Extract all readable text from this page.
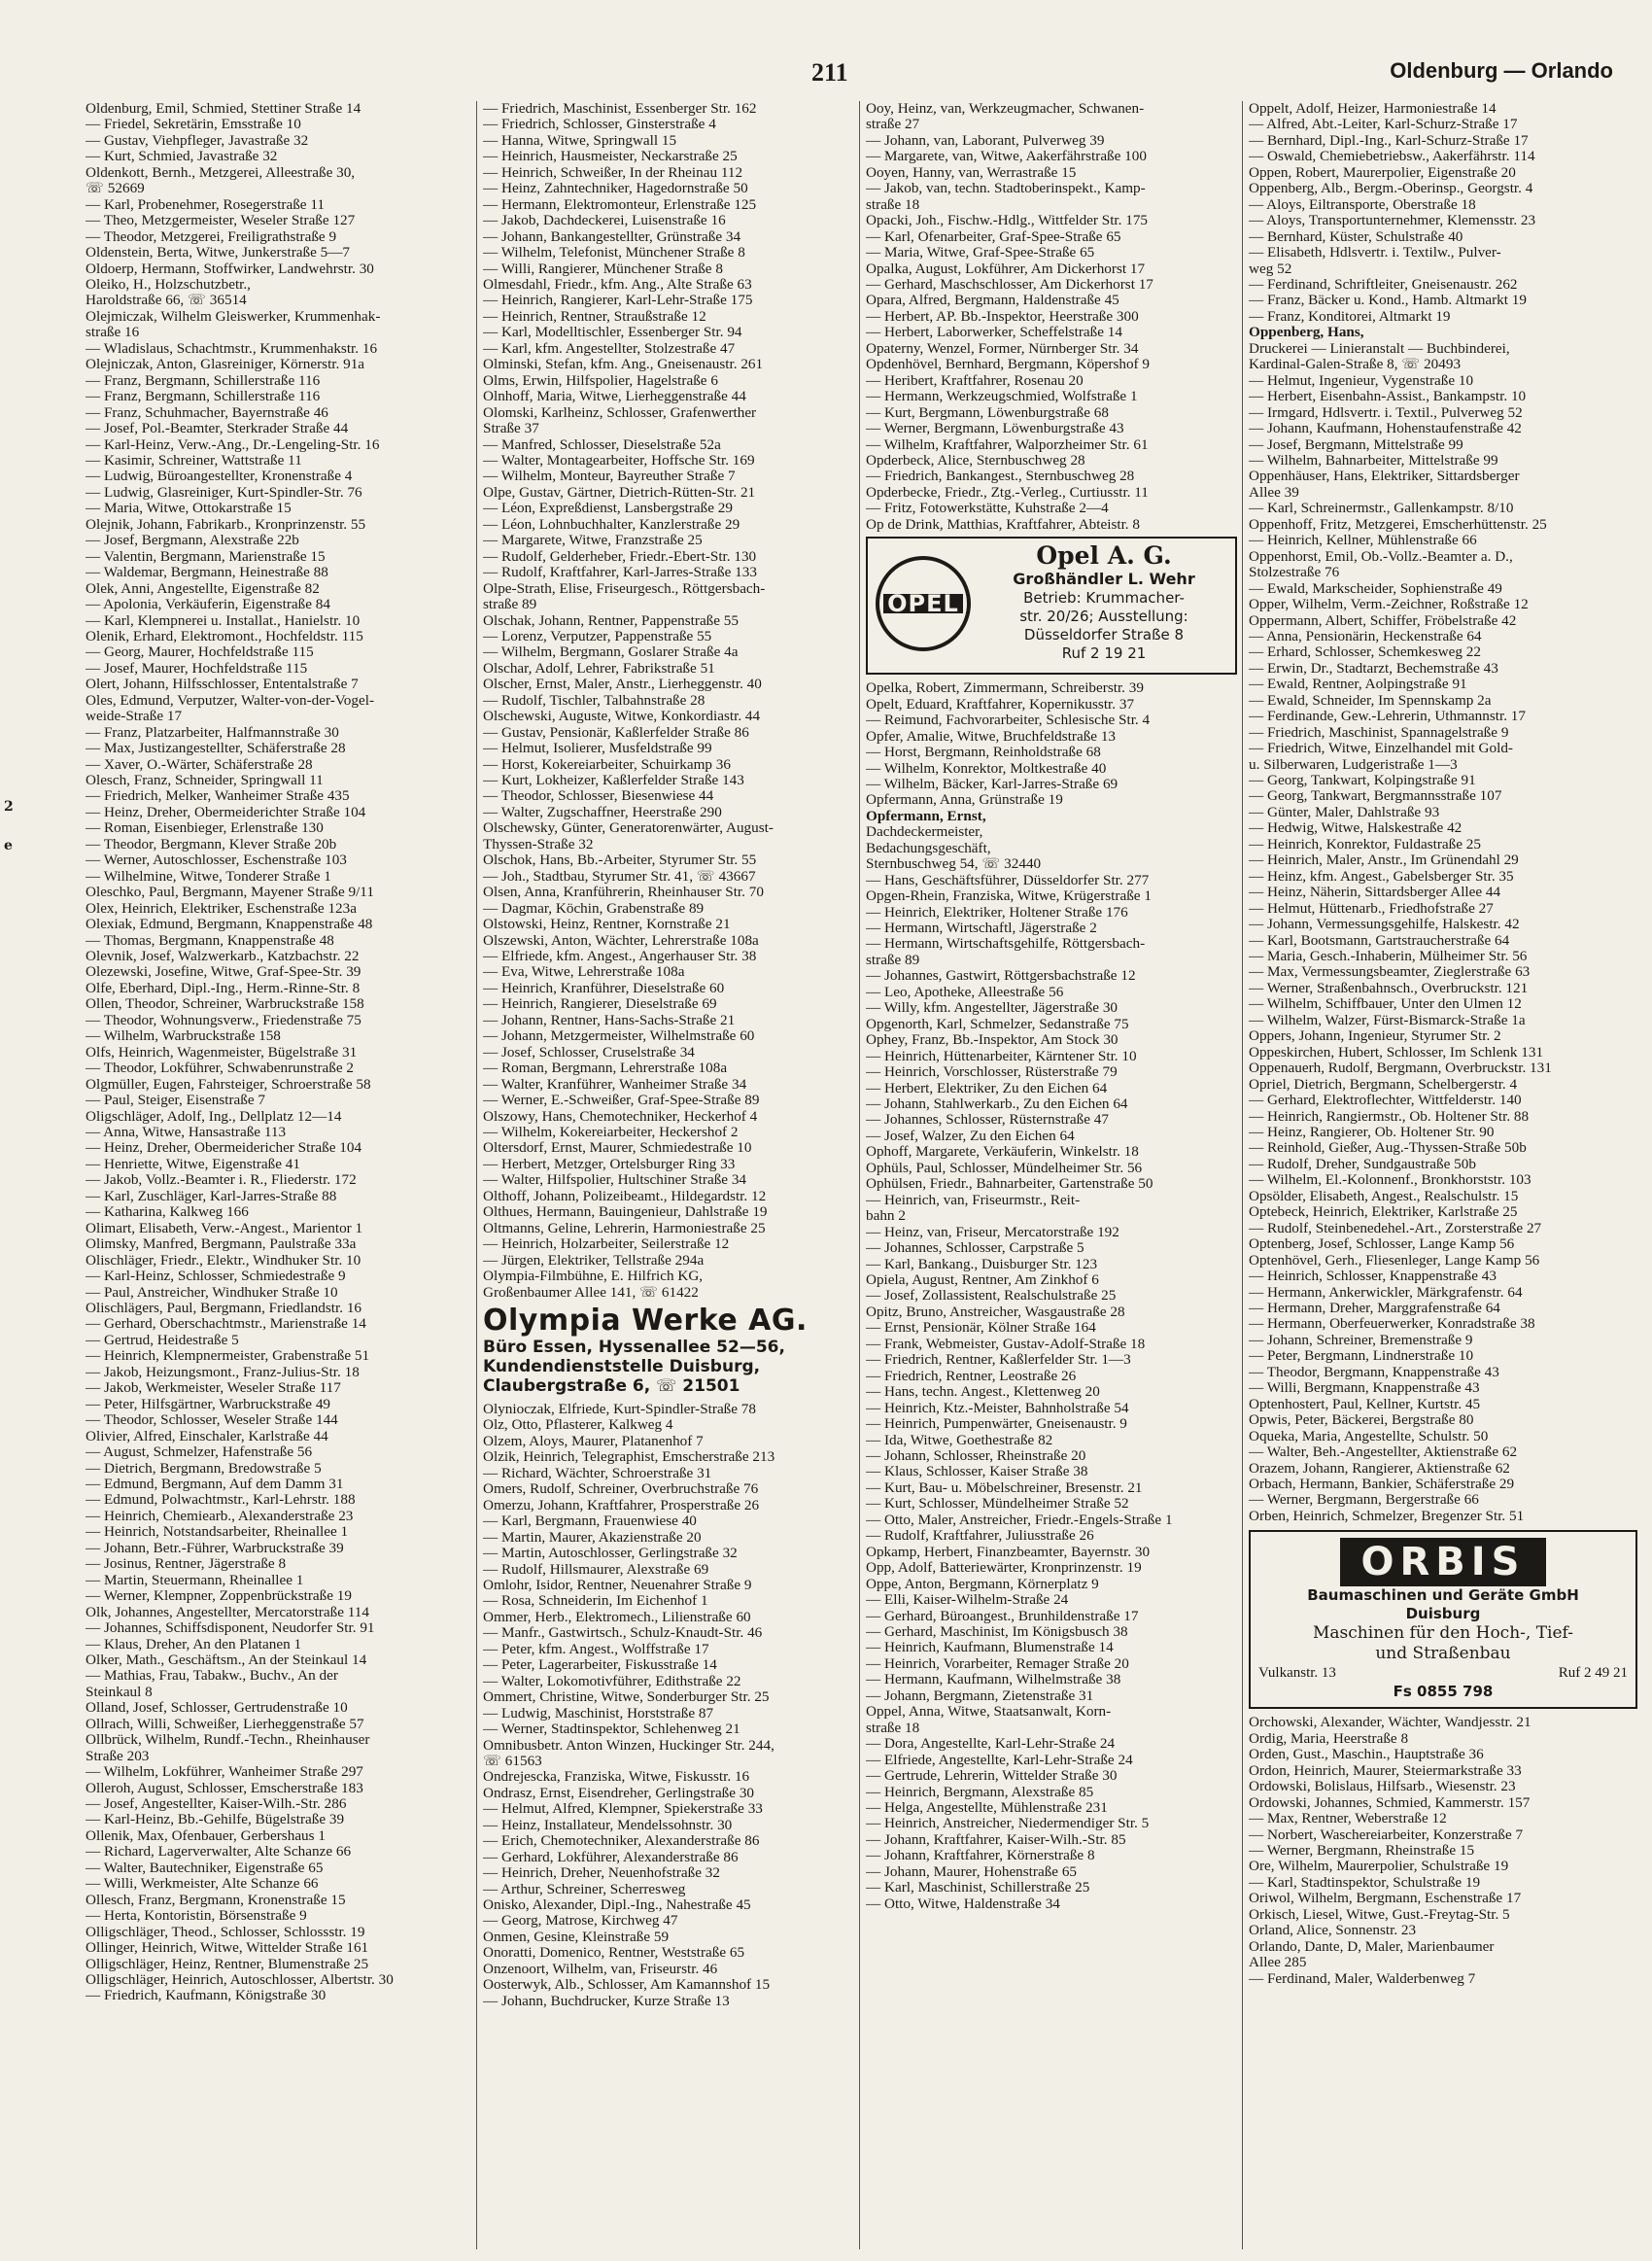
211	Oldenburg — Orlando
2
e
Oldenburg, Emil, Schmied, Stettiner Straße 14
— Friedel, Sekretärin, Emsstraße 10
— Gustav, Viehpfleger, Javastraße 32
— Kurt, Schmied, Javastraße 32
Oldenkott, Bernh., Metzgerei, Alleestraße 30,
☏ 52669
— Karl, Probenehmer, Rosegerstraße 11
— Theo, Metzgermeister, Weseler Straße 127
— Theodor, Metzgerei, Freiligrathstraße 9
Oldenstein, Berta, Witwe, Junkerstraße 5—7
Oldoerp, Hermann, Stoffwirker, Landwehrstr. 30
Oleiko, H., Holzschutzbetr.,
Haroldstraße 66, ☏ 36514
Olejmiczak, Wilhelm Gleiswerker, Krummenhak-
straße 16
— Wladislaus, Schachtmstr., Krummenhakstr. 16
Olejniczak, Anton, Glasreiniger, Körnerstr. 91a
— Franz, Bergmann, Schillerstraße 116
— Franz, Bergmann, Schillerstraße 116
— Franz, Schuhmacher, Bayernstraße 46
— Josef, Pol.-Beamter, Sterkrader Straße 44
— Karl-Heinz, Verw.-Ang., Dr.-Lengeling-Str. 16
— Kasimir, Schreiner, Wattstraße 11
— Ludwig, Büroangestellter, Kronenstraße 4
— Ludwig, Glasreiniger, Kurt-Spindler-Str. 76
— Maria, Witwe, Ottokarstraße 15
Olejnik, Johann, Fabrikarb., Kronprinzenstr. 55
— Josef, Bergmann, Alexstraße 22b
— Valentin, Bergmann, Marienstraße 15
— Waldemar, Bergmann, Heinestraße 88
Olek, Anni, Angestellte, Eigenstraße 82
— Apolonia, Verkäuferin, Eigenstraße 84
— Karl, Klempnerei u. Installat., Hanielstr. 10
Olenik, Erhard, Elektromont., Hochfeldstr. 115
— Georg, Maurer, Hochfeldstraße 115
— Josef, Maurer, Hochfeldstraße 115
Olert, Johann, Hilfsschlosser, Ententalstraße 7
Oles, Edmund, Verputzer, Walter-von-der-Vogel-
weide-Straße 17
— Franz, Platzarbeiter, Halfmannstraße 30
— Max, Justizangestellter, Schäferstraße 28
— Xaver, O.-Wärter, Schäferstraße 28
Olesch, Franz, Schneider, Springwall 11
— Friedrich, Melker, Wanheimer Straße 435
— Heinz, Dreher, Obermeiderichter Straße 104
— Roman, Eisenbieger, Erlenstraße 130
— Theodor, Bergmann, Klever Straße 20b
— Werner, Autoschlosser, Eschenstraße 103
— Wilhelmine, Witwe, Tonderer Straße 1
Oleschko, Paul, Bergmann, Mayener Straße 9/11
Olex, Heinrich, Elektriker, Eschenstraße 123a
Olexiak, Edmund, Bergmann, Knappenstraße 48
— Thomas, Bergmann, Knappenstraße 48
Olevnik, Josef, Walzwerkarb., Katzbachstr. 22
Olezewski, Josefine, Witwe, Graf-Spee-Str. 39
Olfe, Eberhard, Dipl.-Ing., Herm.-Rinne-Str. 8
Ollen, Theodor, Schreiner, Warbruckstraße 158
— Theodor, Wohnungsverw., Friedenstraße 75
— Wilhelm, Warbruckstraße 158
Olfs, Heinrich, Wagenmeister, Bügelstraße 31
— Theodor, Lokführer, Schwabenrunstraße 2
Olgmüller, Eugen, Fahrsteiger, Schroerstraße 58
— Paul, Steiger, Eisenstraße 7
Oligschläger, Adolf, Ing., Dellplatz 12—14
— Anna, Witwe, Hansastraße 113
— Heinz, Dreher, Obermeidericher Straße 104
— Henriette, Witwe, Eigenstraße 41
— Jakob, Vollz.-Beamter i. R., Fliederstr. 172
— Karl, Zuschläger, Karl-Jarres-Straße 88
— Katharina, Kalkweg 166
Olimart, Elisabeth, Verw.-Angest., Marientor 1
Olimsky, Manfred, Bergmann, Paulstraße 33a
Olischläger, Friedr., Elektr., Windhuker Str. 10
— Karl-Heinz, Schlosser, Schmiedestraße 9
— Paul, Anstreicher, Windhuker Straße 10
Olischlägers, Paul, Bergmann, Friedlandstr. 16
— Gerhard, Oberschachtmstr., Marienstraße 14
— Gertrud, Heidestraße 5
— Heinrich, Klempnermeister, Grabenstraße 51
— Jakob, Heizungsmont., Franz-Julius-Str. 18
— Jakob, Werkmeister, Weseler Straße 117
— Peter, Hilfsgärtner, Warbruckstraße 49
— Theodor, Schlosser, Weseler Straße 144
Olivier, Alfred, Einschaler, Karlstraße 44
— August, Schmelzer, Hafenstraße 56
— Dietrich, Bergmann, Bredowstraße 5
— Edmund, Bergmann, Auf dem Damm 31
— Edmund, Polwachtmstr., Karl-Lehrstr. 188
— Heinrich, Chemiearb., Alexanderstraße 23
— Heinrich, Notstandsarbeiter, Rheinallee 1
— Johann, Betr.-Führer, Warbruckstraße 39
— Josinus, Rentner, Jägerstraße 8
— Martin, Steuermann, Rheinallee 1
— Werner, Klempner, Zoppenbrückstraße 19
Olk, Johannes, Angestellter, Mercatorstraße 114
— Johannes, Schiffsdisponent, Neudorfer Str. 91
— Klaus, Dreher, An den Platanen 1
Olker, Math., Geschäftsm., An der Steinkaul 14
— Mathias, Frau, Tabakw., Buchv., An der
Steinkaul 8
Olland, Josef, Schlosser, Gertrudenstraße 10
Ollrach, Willi, Schweißer, Lierheggenstraße 57
Ollbrück, Wilhelm, Rundf.-Techn., Rheinhauser
Straße 203
— Wilhelm, Lokführer, Wanheimer Straße 297
Olleroh, August, Schlosser, Emscherstraße 183
— Josef, Angestellter, Kaiser-Wilh.-Str. 286
— Karl-Heinz, Bb.-Gehilfe, Bügelstraße 39
Ollenik, Max, Ofenbauer, Gerbershaus 1
— Richard, Lagerverwalter, Alte Schanze 66
— Walter, Bautechniker, Eigenstraße 65
— Willi, Werkmeister, Alte Schanze 66
Ollesch, Franz, Bergmann, Kronenstraße 15
— Herta, Kontoristin, Börsenstraße 9
Olligschläger, Theod., Schlosser, Schlossstr. 19
Ollinger, Heinrich, Witwe, Wittelder Straße 161
Olligschläger, Heinz, Rentner, Blumenstraße 25
Olligschläger, Heinrich, Autoschlosser, Albertstr. 30
— Friedrich, Kaufmann, Königstraße 30
— Friedrich, Maschinist, Essenberger Str. 162
— Friedrich, Schlosser, Ginsterstraße 4
— Hanna, Witwe, Springwall 15
— Heinrich, Hausmeister, Neckarstraße 25
— Heinrich, Schweißer, In der Rheinau 112
— Heinz, Zahntechniker, Hagedornstraße 50
— Hermann, Elektromonteur, Erlenstraße 125
— Jakob, Dachdeckerei, Luisenstraße 16
— Johann, Bankangestellter, Grünstraße 34
— Wilhelm, Telefonist, Münchener Straße 8
— Willi, Rangierer, Münchener Straße 8
Olmesdahl, Friedr., kfm. Ang., Alte Straße 63
— Heinrich, Rangierer, Karl-Lehr-Straße 175
— Heinrich, Rentner, Straußstraße 12
— Karl, Modelltischler, Essenberger Str. 94
— Karl, kfm. Angestellter, Stolzestraße 47
Olminski, Stefan, kfm. Ang., Gneisenaustr. 261
Olms, Erwin, Hilfspolier, Hagelstraße 6
Olnhoff, Maria, Witwe, Lierheggenstraße 44
Olomski, Karlheinz, Schlosser, Grafenwerther
Straße 37
— Manfred, Schlosser, Dieselstraße 52a
— Walter, Montagearbeiter, Hoffsche Str. 169
— Wilhelm, Monteur, Bayreuther Straße 7
Olpe, Gustav, Gärtner, Dietrich-Rütten-Str. 21
— Léon, Expreßdienst, Lansbergstraße 29
— Léon, Lohnbuchhalter, Kanzlerstraße 29
— Margarete, Witwe, Franzstraße 25
— Rudolf, Gelderheber, Friedr.-Ebert-Str. 130
— Rudolf, Kraftfahrer, Karl-Jarres-Straße 133
Olpe-Strath, Elise, Friseurgesch., Röttgersbach-
straße 89
Olschak, Johann, Rentner, Pappenstraße 55
— Lorenz, Verputzer, Pappenstraße 55
— Wilhelm, Bergmann, Goslarer Straße 4a
Olschar, Adolf, Lehrer, Fabrikstraße 51
Olscher, Ernst, Maler, Anstr., Lierheggenstr. 40
— Rudolf, Tischler, Talbahnstraße 28
Olschewski, Auguste, Witwe, Konkordiastr. 44
— Gustav, Pensionär, Kaßlerfelder Straße 86
— Helmut, Isolierer, Musfeldstraße 99
— Horst, Kokereiarbeiter, Schuirkamp 36
— Kurt, Lokheizer, Kaßlerfelder Straße 143
— Theodor, Schlosser, Biesenwiese 44
— Walter, Zugschaffner, Heerstraße 290
Olschewsky, Günter, Generatorenwärter, August-
Thyssen-Straße 32
Olschok, Hans, Bb.-Arbeiter, Styrumer Str. 55
— Joh., Stadtbau, Styrumer Str. 41, ☏ 43667
Olsen, Anna, Kranführerin, Rheinhauser Str. 70
— Dagmar, Köchin, Grabenstraße 89
Olstowski, Heinz, Rentner, Kornstraße 21
Olszewski, Anton, Wächter, Lehrerstraße 108a
— Elfriede, kfm. Angest., Angerhauser Str. 38
— Eva, Witwe, Lehrerstraße 108a
— Heinrich, Kranführer, Dieselstraße 60
— Heinrich, Rangierer, Dieselstraße 69
— Johann, Rentner, Hans-Sachs-Straße 21
— Johann, Metzgermeister, Wilhelmstraße 60
— Josef, Schlosser, Cruselstraße 34
— Roman, Bergmann, Lehrerstraße 108a
— Walter, Kranführer, Wanheimer Straße 34
— Werner, E.-Schweißer, Graf-Spee-Straße 89
Olszowy, Hans, Chemotechniker, Heckerhof 4
— Wilhelm, Kokereiarbeiter, Heckershof 2
Oltersdorf, Ernst, Maurer, Schmiedestraße 10
— Herbert, Metzger, Ortelsburger Ring 33
— Walter, Hilfspolier, Hultschiner Straße 34
Olthoff, Johann, Polizeibeamt., Hildegardstr. 12
Olthues, Hermann, Bauingenieur, Dahlstraße 19
Oltmanns, Geline, Lehrerin, Harmoniestraße 25
— Heinrich, Holzarbeiter, Seilerstraße 12
— Jürgen, Elektriker, Tellstraße 294a
Olympia-Filmbühne, E. Hilfrich KG,
Großenbaumer Allee 141, ☏ 61422
Olympia Werke AG.
Büro Essen, Hyssenallee 52—56,
Kundendienststelle Duisburg,
Claubergstraße 6, ☏ 21501
Olynioczak, Elfriede, Kurt-Spindler-Straße 78
Olz, Otto, Pflasterer, Kalkweg 4
Olzem, Aloys, Maurer, Platanenhof 7
Olzik, Heinrich, Telegraphist, Emscherstraße 213
— Richard, Wächter, Schroerstraße 31
Omers, Rudolf, Schreiner, Overbruchstraße 76
Omerzu, Johann, Kraftfahrer, Prosperstraße 26
— Karl, Bergmann, Frauenwiese 40
— Martin, Maurer, Akazienstraße 20
— Martin, Autoschlosser, Gerlingstraße 32
— Rudolf, Hillsmaurer, Alexstraße 69
Omlohr, Isidor, Rentner, Neuenahrer Straße 9
— Rosa, Schneiderin, Im Eichenhof 1
Ommer, Herb., Elektromech., Lilienstraße 60
— Manfr., Gastwirtsch., Schulz-Knaudt-Str. 46
— Peter, kfm. Angest., Wolffstraße 17
— Peter, Lagerarbeiter, Fiskusstraße 14
— Walter, Lokomotivführer, Edithstraße 22
Ommert, Christine, Witwe, Sonderburger Str. 25
— Ludwig, Maschinist, Horststraße 87
— Werner, Stadtinspektor, Schlehenweg 21
Omnibusbetr. Anton Winzen, Huckinger Str. 244,
☏ 61563
Ondrejescka, Franziska, Witwe, Fiskusstr. 16
Ondrasz, Ernst, Eisendreher, Gerlingstraße 30
— Helmut, Alfred, Klempner, Spiekerstraße 33
— Heinz, Installateur, Mendelssohnstr. 30
— Erich, Chemotechniker, Alexanderstraße 86
— Gerhard, Lokführer, Alexanderstraße 86
— Heinrich, Dreher, Neuenhofstraße 32
— Arthur, Schreiner, Scherresweg
Onisko, Alexander, Dipl.-Ing., Nahestraße 45
— Georg, Matrose, Kirchweg 47
Onmen, Gesine, Kleinstraße 59
Onoratti, Domenico, Rentner, Weststraße 65
Onzenoort, Wilhelm, van, Friseurstr. 46
Oosterwyk, Alb., Schlosser, Am Kamannshof 15
— Johann, Buchdrucker, Kurze Straße 13
Ooy, Heinz, van, Werkzeugmacher, Schwanen-
straße 27
— Johann, van, Laborant, Pulverweg 39
— Margarete, van, Witwe, Aakerfährstraße 100
Ooyen, Hanny, van, Werrastraße 15
— Jakob, van, techn. Stadtoberinspekt., Kamp-
straße 18
Opacki, Joh., Fischw.-Hdlg., Wittfelder Str. 175
— Karl, Ofenarbeiter, Graf-Spee-Straße 65
— Maria, Witwe, Graf-Spee-Straße 65
Opalka, August, Lokführer, Am Dickerhorst 17
— Gerhard, Maschschlosser, Am Dickerhorst 17
Opara, Alfred, Bergmann, Haldenstraße 45
— Herbert, AP. Bb.-Inspektor, Heerstraße 300
— Herbert, Laborwerker, Scheffelstraße 14
Opaterny, Wenzel, Former, Nürnberger Str. 34
Opdenhövel, Bernhard, Bergmann, Köpershof 9
— Heribert, Kraftfahrer, Rosenau 20
— Hermann, Werkzeugschmied, Wolfstraße 1
— Kurt, Bergmann, Löwenburgstraße 68
— Werner, Bergmann, Löwenburgstraße 43
— Wilhelm, Kraftfahrer, Walporzheimer Str. 61
Opderbeck, Alice, Sternbuschweg 28
— Friedrich, Bankangest., Sternbuschweg 28
Opderbecke, Friedr., Ztg.-Verleg., Curtiusstr. 11
— Fritz, Fotowerkstätte, Kuhstraße 2—4
Op de Drink, Matthias, Kraftfahrer, Abteistr. 8
OPEL
Opel A. G.
Großhändler L. Wehr
Betrieb: Krummacher-
str. 20/26; Ausstellung:
Düsseldorfer Straße 8
Ruf 2 19 21
Opelka, Robert, Zimmermann, Schreiberstr. 39
Opelt, Eduard, Kraftfahrer, Kopernikusstr. 37
— Reimund, Fachvorarbeiter, Schlesische Str. 4
Opfer, Amalie, Witwe, Bruchfeldstraße 13
— Horst, Bergmann, Reinholdstraße 68
— Wilhelm, Konrektor, Moltkestraße 40
— Wilhelm, Bäcker, Karl-Jarres-Straße 69
Opfermann, Anna, Grünstraße 19
Opfermann, Ernst,
Dachdeckermeister,
Bedachungsgeschäft,
Sternbuschweg 54, ☏ 32440
— Hans, Geschäftsführer, Düsseldorfer Str. 277
Opgen-Rhein, Franziska, Witwe, Krügerstraße 1
— Heinrich, Elektriker, Holtener Straße 176
— Hermann, Wirtschaftl, Jägerstraße 2
— Hermann, Wirtschaftsgehilfe, Röttgersbach-
straße 89
— Johannes, Gastwirt, Röttgersbachstraße 12
— Leo, Apotheke, Alleestraße 56
— Willy, kfm. Angestellter, Jägerstraße 30
Opgenorth, Karl, Schmelzer, Sedanstraße 75
Ophey, Franz, Bb.-Inspektor, Am Stock 30
— Heinrich, Hüttenarbeiter, Kärntener Str. 10
— Heinrich, Vorschlosser, Rüsterstraße 79
— Herbert, Elektriker, Zu den Eichen 64
— Johann, Stahlwerkarb., Zu den Eichen 64
— Johannes, Schlosser, Rüsternstraße 47
— Josef, Walzer, Zu den Eichen 64
Ophoff, Margarete, Verkäuferin, Winkelstr. 18
Ophüls, Paul, Schlosser, Mündelheimer Str. 56
Ophülsen, Friedr., Bahnarbeiter, Gartenstraße 50
— Heinrich, van, Friseurmstr., Reit-
bahn 2
— Heinz, van, Friseur, Mercatorstraße 192
— Johannes, Schlosser, Carpstraße 5
— Karl, Bankang., Duisburger Str. 123
Opiela, August, Rentner, Am Zinkhof 6
— Josef, Zollassistent, Realschulstraße 25
Opitz, Bruno, Anstreicher, Wasgaustraße 28
— Ernst, Pensionär, Kölner Straße 164
— Frank, Webmeister, Gustav-Adolf-Straße 18
— Friedrich, Rentner, Kaßlerfelder Str. 1—3
— Friedrich, Rentner, Leostraße 26
— Hans, techn. Angest., Klettenweg 20
— Heinrich, Ktz.-Meister, Bahnholstraße 54
— Heinrich, Pumpenwärter, Gneisenaustr. 9
— Ida, Witwe, Goethestraße 82
— Johann, Schlosser, Rheinstraße 20
— Klaus, Schlosser, Kaiser Straße 38
— Kurt, Bau- u. Möbelschreiner, Bresenstr. 21
— Kurt, Schlosser, Mündelheimer Straße 52
— Otto, Maler, Anstreicher, Friedr.-Engels-Straße 1
— Rudolf, Kraftfahrer, Juliusstraße 26
Opkamp, Herbert, Finanzbeamter, Bayernstr. 30
Opp, Adolf, Batteriewärter, Kronprinzenstr. 19
Oppe, Anton, Bergmann, Körnerplatz 9
— Elli, Kaiser-Wilhelm-Straße 24
— Gerhard, Büroangest., Brunhildenstraße 17
— Gerhard, Maschinist, Im Königsbusch 38
— Heinrich, Kaufmann, Blumenstraße 14
— Heinrich, Vorarbeiter, Remager Straße 20
— Hermann, Kaufmann, Wilhelmstraße 38
— Johann, Bergmann, Zietenstraße 31
Oppel, Anna, Witwe, Staatsanwalt, Korn-
straße 18
— Dora, Angestellte, Karl-Lehr-Straße 24
— Elfriede, Angestellte, Karl-Lehr-Straße 24
— Gertrude, Lehrerin, Wittelder Straße 30
— Heinrich, Bergmann, Alexstraße 85
— Helga, Angestellte, Mühlenstraße 231
— Heinrich, Anstreicher, Niedermendiger Str. 5
— Johann, Kraftfahrer, Kaiser-Wilh.-Str. 85
— Johann, Kraftfahrer, Körnerstraße 8
— Johann, Maurer, Hohenstraße 65
— Karl, Maschinist, Schillerstraße 25
— Otto, Witwe, Haldenstraße 34
Oppelt, Adolf, Heizer, Harmoniestraße 14
— Alfred, Abt.-Leiter, Karl-Schurz-Straße 17
— Bernhard, Dipl.-Ing., Karl-Schurz-Straße 17
— Oswald, Chemiebetriebsw., Aakerfährstr. 114
Oppen, Robert, Maurerpolier, Eigenstraße 20
Oppenberg, Alb., Bergm.-Oberinsp., Georgstr. 4
— Aloys, Eiltransporte, Oberstraße 18
— Aloys, Transportunternehmer, Klemensstr. 23
— Bernhard, Küster, Schulstraße 40
— Elisabeth, Hdlsvertr. i. Textilw., Pulver-
weg 52
— Ferdinand, Schriftleiter, Gneisenaustr. 262
— Franz, Bäcker u. Kond., Hamb. Altmarkt 19
— Franz, Konditorei, Altmarkt 19
Oppenberg, Hans,
Druckerei — Linieranstalt — Buchbinderei,
Kardinal-Galen-Straße 8, ☏ 20493
— Helmut, Ingenieur, Vygenstraße 10
— Herbert, Eisenbahn-Assist., Bankampstr. 10
— Irmgard, Hdlsvertr. i. Textil., Pulverweg 52
— Johann, Kaufmann, Hohenstaufenstraße 42
— Josef, Bergmann, Mittelstraße 99
— Wilhelm, Bahnarbeiter, Mittelstraße 99
Oppenhäuser, Hans, Elektriker, Sittardsberger
Allee 39
— Karl, Schreinermstr., Gallenkampstr. 8/10
Oppenhoff, Fritz, Metzgerei, Emscherhüttenstr. 25
— Heinrich, Kellner, Mühlenstraße 66
Oppenhorst, Emil, Ob.-Vollz.-Beamter a. D.,
Stolzestraße 76
— Ewald, Markscheider, Sophienstraße 49
Opper, Wilhelm, Verm.-Zeichner, Roßstraße 12
Oppermann, Albert, Schiffer, Fröbelstraße 42
— Anna, Pensionärin, Heckenstraße 64
— Erhard, Schlosser, Schemkesweg 22
— Erwin, Dr., Stadtarzt, Bechemstraße 43
— Ewald, Rentner, Aolpingstraße 91
— Ewald, Schneider, Im Spennskamp 2a
— Ferdinande, Gew.-Lehrerin, Uthmannstr. 17
— Friedrich, Maschinist, Spannagelstraße 9
— Friedrich, Witwe, Einzelhandel mit Gold-
u. Silberwaren, Ludgeristraße 1—3
— Georg, Tankwart, Kolpingstraße 91
— Georg, Tankwart, Bergmannsstraße 107
— Günter, Maler, Dahlstraße 93
— Hedwig, Witwe, Halskestraße 42
— Heinrich, Konrektor, Fuldastraße 25
— Heinrich, Maler, Anstr., Im Grünendahl 29
— Heinz, kfm. Angest., Gabelsberger Str. 35
— Heinz, Näherin, Sittardsberger Allee 44
— Helmut, Hüttenarb., Friedhofstraße 27
— Johann, Vermessungsgehilfe, Halskestr. 42
— Karl, Bootsmann, Gartstraucherstraße 64
— Maria, Gesch.-Inhaberin, Mülheimer Str. 56
— Max, Vermessungsbeamter, Zieglerstraße 63
— Werner, Straßenbahnsch., Overbruckstr. 121
— Wilhelm, Schiffbauer, Unter den Ulmen 12
— Wilhelm, Walzer, Fürst-Bismarck-Straße 1a
Oppers, Johann, Ingenieur, Styrumer Str. 2
Oppeskirchen, Hubert, Schlosser, Im Schlenk 131
Oppenauerh, Rudolf, Bergmann, Overbruckstr. 131
Opriel, Dietrich, Bergmann, Schelbergerstr. 4
— Gerhard, Elektroflechter, Wittfelderstr. 140
— Heinrich, Rangiermstr., Ob. Holtener Str. 88
— Heinz, Rangierer, Ob. Holtener Str. 90
— Reinhold, Gießer, Aug.-Thyssen-Straße 50b
— Rudolf, Dreher, Sundgaustraße 50b
— Wilhelm, El.-Kolonnenf., Bronkhorststr. 103
Opsölder, Elisabeth, Angest., Realschulstr. 15
Optebeck, Heinrich, Elektriker, Karlstraße 25
— Rudolf, Steinbenedehel.-Art., Zorsterstraße 27
Optenberg, Josef, Schlosser, Lange Kamp 56
Optenhövel, Gerh., Fliesenleger, Lange Kamp 56
— Heinrich, Schlosser, Knappenstraße 43
— Hermann, Ankerwickler, Märkgrafenstr. 64
— Hermann, Dreher, Marggrafenstraße 64
— Hermann, Oberfeuerwerker, Konradstraße 38
— Johann, Schreiner, Bremenstraße 9
— Peter, Bergmann, Lindnerstraße 10
— Theodor, Bergmann, Knappenstraße 43
— Willi, Bergmann, Knappenstraße 43
Optenhostert, Paul, Kellner, Kurtstr. 45
Opwis, Peter, Bäckerei, Bergstraße 80
Oqueka, Maria, Angestellte, Schulstr. 50
— Walter, Beh.-Angestellter, Aktienstraße 62
Orazem, Johann, Rangierer, Aktienstraße 62
Orbach, Hermann, Bankier, Schäferstraße 29
— Werner, Bergmann, Bergerstraße 66
Orben, Heinrich, Schmelzer, Bregenzer Str. 51
ORBIS
Baumaschinen und Geräte GmbH
Duisburg
Maschinen für den Hoch-, Tief-
und Straßenbau
Vulkanstr. 13	Ruf 2 49 21
Fs 0855 798
Orchowski, Alexander, Wächter, Wandjesstr. 21
Ordig, Maria, Heerstraße 8
Orden, Gust., Maschin., Hauptstraße 36
Ordon, Heinrich, Maurer, Steiermarkstraße 33
Ordowski, Bolislaus, Hilfsarb., Wiesenstr. 23
Ordowski, Johannes, Schmied, Kammerstr. 157
— Max, Rentner, Weberstraße 12
— Norbert, Waschereiarbeiter, Konzerstraße 7
— Werner, Bergmann, Rheinstraße 15
Ore, Wilhelm, Maurerpolier, Schulstraße 19
— Karl, Stadtinspektor, Schulstraße 19
Oriwol, Wilhelm, Bergmann, Eschenstraße 17
Orkisch, Liesel, Witwe, Gust.-Freytag-Str. 5
Orland, Alice, Sonnenstr. 23
Orlando, Dante, D, Maler, Marienbaumer
Allee 285
— Ferdinand, Maler, Walderbenweg 7
